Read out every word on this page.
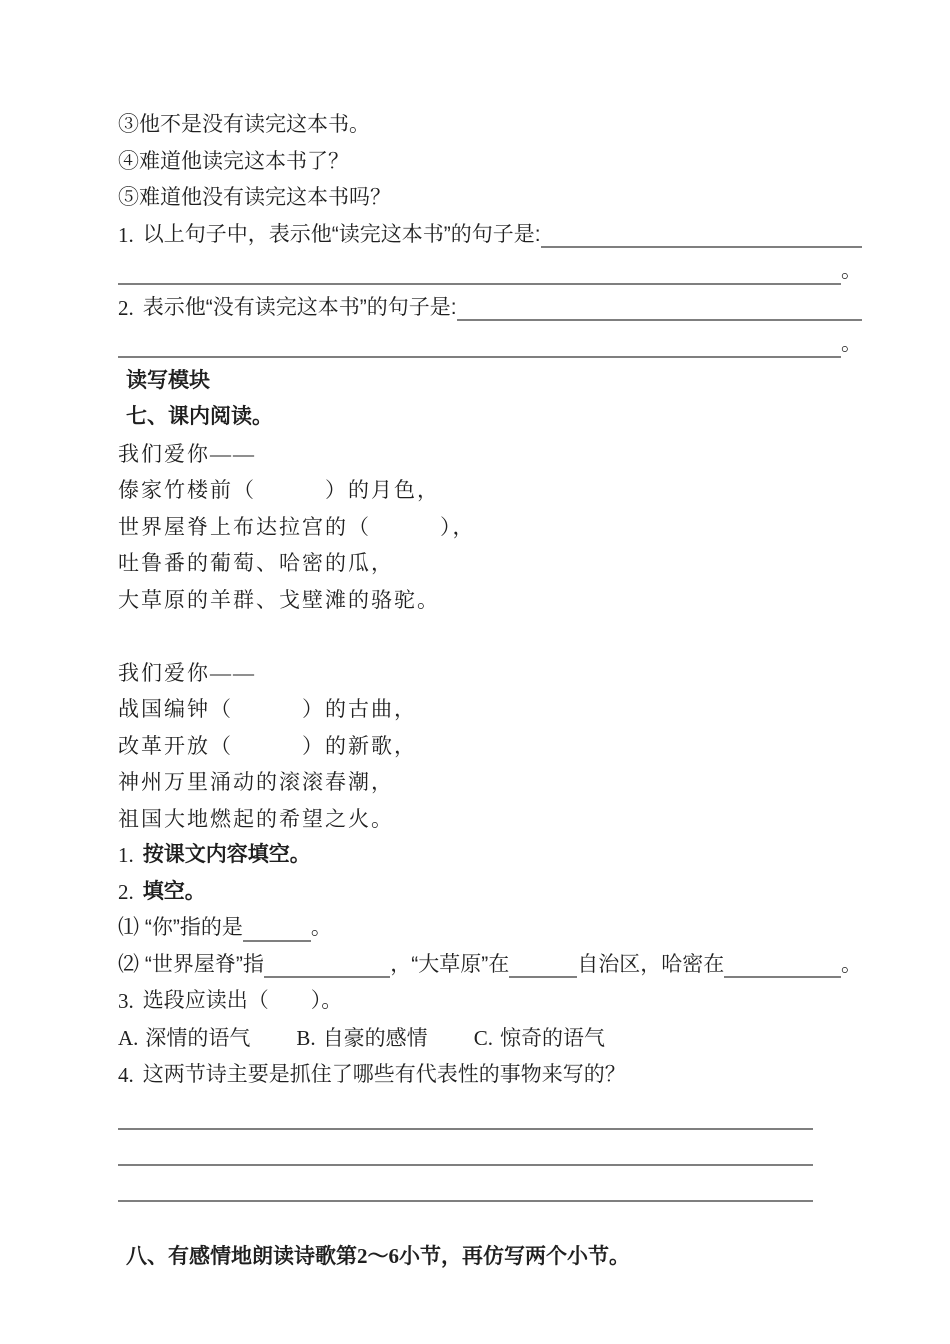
③他不是没有读完这本书。
④难道他读完这本书了？
⑤难道他没有读完这本书吗？
1. 以上句子中，表示他“读完这本书”的句子是:
。
2. 表示他“没有读完这本书”的句子是:
。
读写模块
七、课内阅读。
我们爱你——
傣家竹楼前（　　　）的月色，
世界屋脊上布达拉宫的（　　　），
吐鲁番的葡萄、哈密的瓜，
大草原的羊群、戈壁滩的骆驼。
我们爱你——
战国编钟（　　　）的古曲，
改革开放（　　　）的新歌，
神州万里涌动的滚滚春潮，
祖国大地燃起的希望之火。
1. 按课文内容填空。
2. 填空。
⑴ “你”指的是	。
⑵ “世界屋脊”指	，“大草原”在	自治区，哈密在	。
3. 选段应读出（　　）。
A. 深情的语气 B. 自豪的感情 C. 惊奇的语气
4. 这两节诗主要是抓住了哪些有代表性的事物来写的？
八、有感情地朗读诗歌第2～6小节，再仿写两个小节。
